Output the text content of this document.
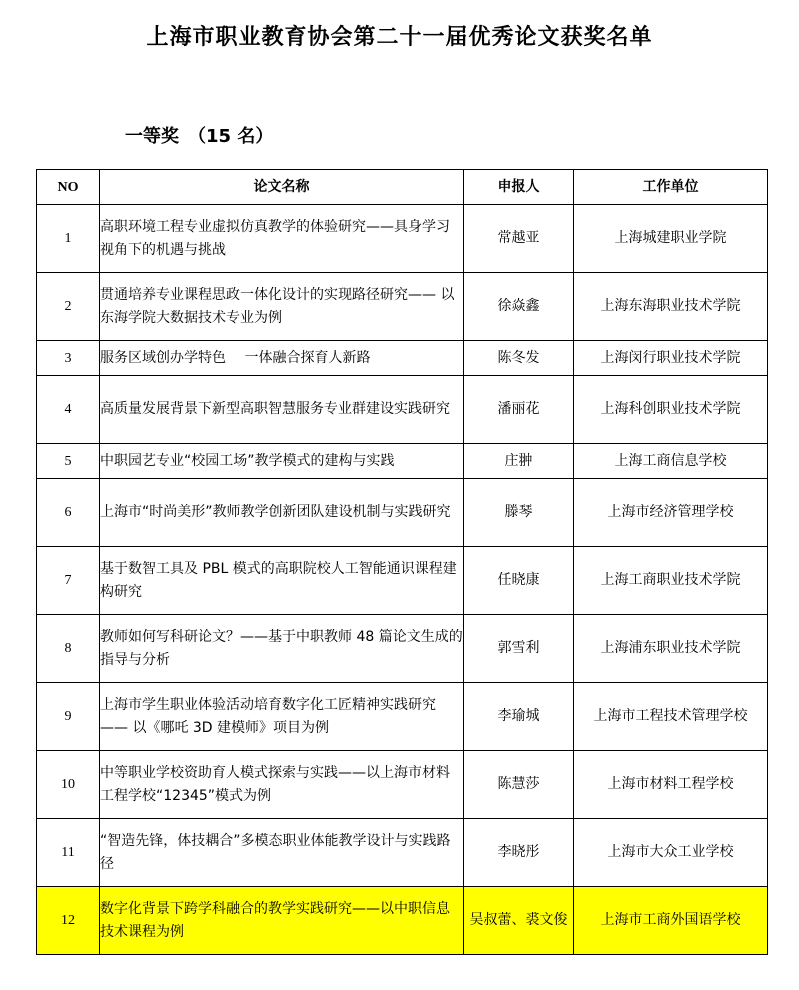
上海市职业教育协会第二十一届优秀论文获奖名单
一等奖　（15 名）
NO	论文名称	申报人	工作单位
1	高职环境工程专业虚拟仿真教学的体验研究——具身学习视角下的机遇与挑战	常越亚	上海城建职业学院
2	贯通培养专业课程思政一体化设计的实现路径研究—— 以东海学院大数据技术专业为例	徐焱鑫	上海东海职业技术学院
3	服务区域创办学特色　 一体融合探育人新路	陈冬发	上海闵行职业技术学院
4	高质量发展背景下新型高职智慧服务专业群建设实践研究	潘丽花	上海科创职业技术学院
5	中职园艺专业“校园工场”教学模式的建构与实践	庄翀	上海工商信息学校
6	上海市“时尚美形”教师教学创新团队建设机制与实践研究	滕琴	上海市经济管理学校
7	基于数智工具及 PBL 模式的高职院校人工智能通识课程建构研究	任晓康	上海工商职业技术学院
8	教师如何写科研论文？——基于中职教师 48 篇论文生成的指导与分析	郭雪利	上海浦东职业技术学院
9	上海市学生职业体验活动培育数字化工匠精神实践研究 —— 以《哪吒 3D 建模师》项目为例	李瑜城	上海市工程技术管理学校
10	中等职业学校资助育人模式探索与实践——以上海市材料工程学校“12345”模式为例	陈慧莎	上海市材料工程学校
11	“智造先锋，体技耦合”多模态职业体能教学设计与实践路径	李晓彤	上海市大众工业学校
12	数字化背景下跨学科融合的教学实践研究——以中职信息技术课程为例	吴叔蕾、裘文俊	上海市工商外国语学校
